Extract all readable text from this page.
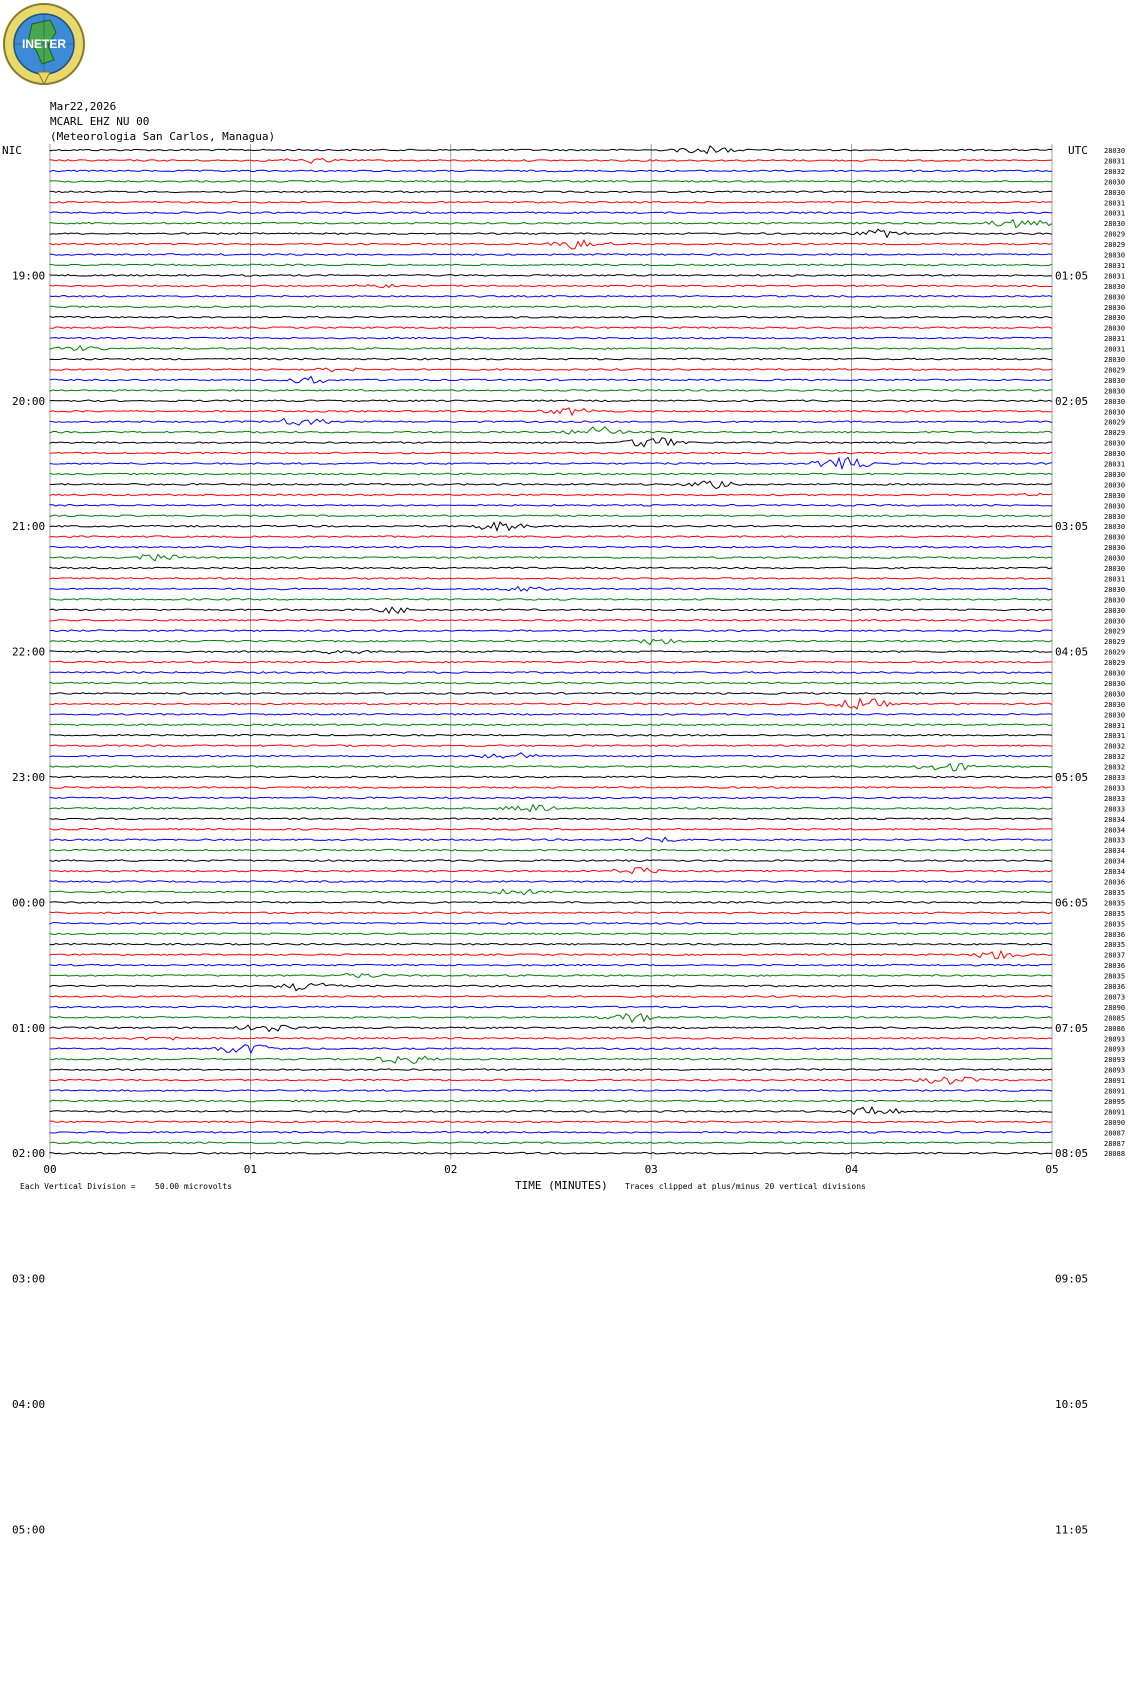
INETER
Mar22,2026
MCARL EHZ NU 00
(Meteorologia San Carlos, Managua)
28030
28031
28032
28030
28030
28031
28031
28030
28029
28029
28030
28031
28031
28030
28030
28030
28030
28030
28031
28031
28030
28029
28030
28030
28030
28030
28029
28029
28030
28030
28031
28030
28030
28030
28030
28030
28030
28030
28030
28030
28030
28031
28030
28030
28030
28030
28029
28029
28029
28029
28030
28030
28030
28030
28030
28031
28031
28032
28032
28032
28033
28033
28033
28033
28034
28034
28033
28034
28034
28034
28036
28035
28035
28035
28035
28036
28035
28037
28036
28035
28036
28073
28090
28085
28086
28093
28093
28093
28093
28091
28091
28095
28091
28090
28087
28087
28088
NIC	UTC
19:00
20:00
21:00
22:00
23:00
00:00
01:00
02:00
03:00
04:00
05:00
01:05
02:05
03:05
04:05
05:05
06:05
07:05
08:05
09:05
10:05
11:05
00	01	02	03	04	05
Each Vertical Division = 50.00 microvolts	TIME (MINUTES) Traces clipped at plus/minus 20 vertical divisions
